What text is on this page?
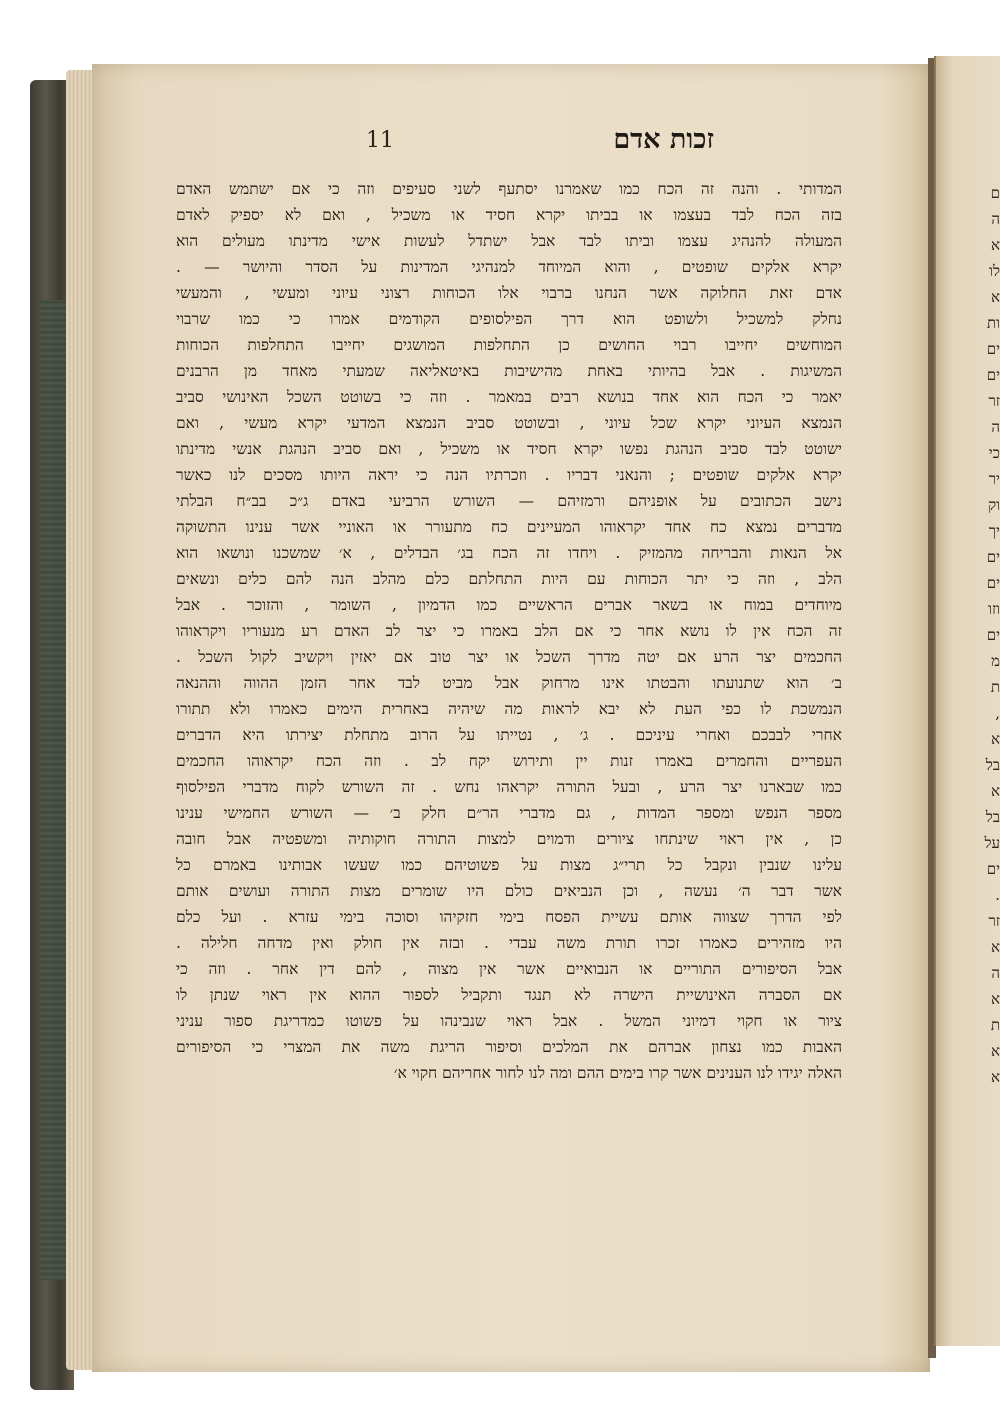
11	זכות אדם
המדותי . והנה זה הכח כמו שאמרנו יסתעף לשני סעיפים וזה כי אם ישתמש האדם
בזה הכח לבד בעצמו או בביתו יקרא חסיד או משכיל , ואם לא יספיק לאדם
המעולה להנהיג עצמו וביתו לבד אבל ישתדל לעשות אישי מדינתו מעולים הוא
יקרא אלקים שופטים , והוא המיוחד למנהיגי המדינות על הסדר והיושר — .
אדם זאת החלוקה אשר הנחנו ברבוי אלו הכוחות רצוני עיוני ומעשי , והמעשי
נחלק למשכיל ולשופט הוא דרך הפילסופים הקודמים אמרו כי כמו שרבוי
המוחשים יחייבו רבוי החושים כן התחלפות המושגים יחייבו התחלפות הכוחות
המשיגות . אבל בהיותי באחת מהישיבות באיטאליאה שמעתי מאחד מן הרבנים
יאמר כי הכח הוא אחד בנושא רבים במאמר . וזה כי בשוטט השכל האינושי סביב
הנמצא העיוני יקרא שכל עיוני , ובשוטט סביב הנמצא המדעי יקרא מעשי , ואם
ישוטט לבד סביב הנהגת נפשו יקרא חסיד או משכיל , ואם סביב הנהגת אנשי מדינתו
יקרא אלקים שופטים ; והנאני דבריו . וזכרתיו הנה כי יראה היותו מסכים לנו כאשר
נישב הכתובים על אופניהם ורמזיהם — השורש הרביעי באדם ג״כ בב״ח הבלתי
מדברים נמצא כח אחד יקראוהו המעיינים כח מתעורר או האוניי אשר ענינו התשוקה
אל הנאות והבריחה מהמזיק . ויחדו זה הכח בג׳ הבדלים , א׳ שמשכנו ונושאו הוא
הלב , וזה כי יתר הכוחות עם היות התחלתם כלם מהלב הנה להם כלים ונשאים
מיוחדים במוח או בשאר אברים הראשיים כמו הדמיון , השומר , והזוכר . אבל
זה הכח אין לו נושא אחר כי אם הלב באמרו כי יצר לב האדם רע מנעוריו ויקראוהו
החכמים יצר הרע אם יטה מדרך השכל או יצר טוב אם יאזין ויקשיב לקול השכל .
ב׳ הוא שתנועתו והבטתו אינו מרחוק אבל מביט לבד אחר הזמן ההווה וההנאה
הנמשכת לו כפי העת לא יבא לראות מה שיהיה באחרית הימים כאמרו ולא תתורו
אחרי לבבכם ואחרי עיניכם . ג׳ , נטייתו על הרוב מתחלת יצירתו היא הדברים
העפריים והחמרים באמרו זנות יין ותירוש יקח לב . וזה הכח יקראוהו החכמים
כמו שבארנו יצר הרע , ובעל התורה יקראהו נחש . זה השורש לקוח מדברי הפילסוף
מספר הנפש ומספר המדות , גם מדברי הר״ם חלק ב׳ — השורש החמישי ענינו
כן , אין ראוי שינתחו ציורים ודמוים למצות התורה חוקותיה ומשפטיה אבל חובה
עלינו שנבין ונקבל כל תרי״ג מצות על פשוטיהם כמו שעשו אבותינו באמרם כל
אשר דבר ה׳ נעשה , וכן הנביאים כולם היו שומרים מצות התורה ועושים אותם
לפי הדרך שצווה אותם עשיית הפסח בימי חזקיהו וסוכה בימי עזרא . ועל כלם
היו מזהירים כאמרו זכרו תורת משה עבדי . ובזה אין חולק ואין מדחה חלילה .
אבל הסיפורים התוריים או הנבואיים אשר אין מצוה , להם דין אחר . וזה כי
אם הסברה האינושיית הישרה לא תנגד ותקביל לספור ההוא אין ראוי שנתן לו
ציור או חקוי דמיוני המשל . אבל ראוי שנבינהו על פשוטו כמדריגת ספור עניני
האבות כמו נצחון אברהם את המלכים וסיפור הריגת משה את המצרי כי הסיפורים
האלה יגידו לנו הענינים אשר קרו בימים ההם ומה לנו לחור אחריהם חקוי א׳
ם
ה
א
לו
א
ות
ים
ים
זר
ה
כי
יר
וק
יך
ים
ים
וזו
ים
מ
ת
,
א
בל
א
בל
על
ים
.
זר
א
ה
א
ת
א
א
